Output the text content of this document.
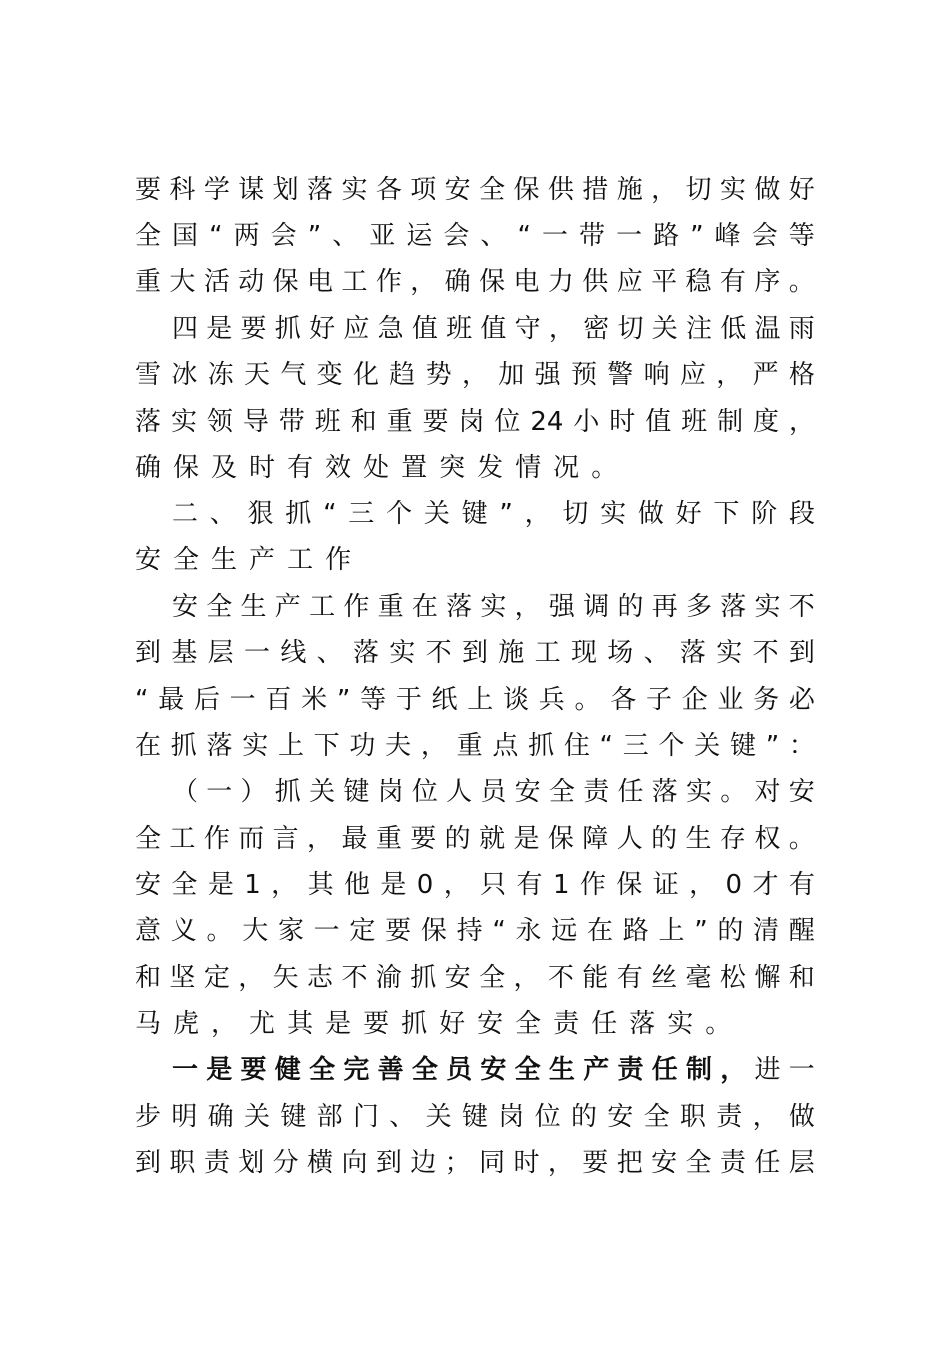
要 科 学 谋 划 落 实 各 项 安 全 保 供 措 施 ， 切 实 做 好
全 国 “ 两 会 ” 、 亚 运 会 、 “ 一 带 一 路 ” 峰 会 等
重 大 活 动 保 电 工 作 ， 确 保 电 力 供 应 平 稳 有 序 。
四 是 要 抓 好 应 急 值 班 值 守 ， 密 切 关 注 低 温 雨
雪 冰 冻 天 气 变 化 趋 势 ， 加 强 预 警 响 应 ， 严 格
落 实 领 导 带 班 和 重 要 岗 位 24 小 时 值 班 制 度 ，
确 保 及 时 有 效 处 置 突 发 情 况 。
二 、 狠 抓 “ 三 个 关 键 ” ， 切 实 做 好 下 阶 段
安 全 生 产 工 作
安 全 生 产 工 作 重 在 落 实 ， 强 调 的 再 多 落 实 不
到 基 层 一 线 、 落 实 不 到 施 工 现 场 、 落 实 不 到
“ 最 后 一 百 米 ” 等 于 纸 上 谈 兵 。 各 子 企 业 务 必
在 抓 落 实 上 下 功 夫 ， 重 点 抓 住 “ 三 个 关 键 ” ：
（ 一 ） 抓 关 键 岗 位 人 员 安 全 责 任 落 实 。 对 安
全 工 作 而 言 ， 最 重 要 的 就 是 保 障 人 的 生 存 权 。
安 全 是 1 ， 其 他 是 0 ， 只 有 1 作 保 证 ， 0 才 有
意 义 。 大 家 一 定 要 保 持 “ 永 远 在 路 上 ” 的 清 醒
和 坚 定 ， 矢 志 不 渝 抓 安 全 ， 不 能 有 丝 毫 松 懈 和
马 虎 ， 尤 其 是 要 抓 好 安 全 责 任 落 实 。
一 是 要 健 全 完 善 全 员 安 全 生 产 责 任 制 ， 进 一
步 明 确 关 键 部 门 、 关 键 岗 位 的 安 全 职 责 ， 做
到 职 责 划 分 横 向 到 边 ； 同 时 ， 要 把 安 全 责 任 层
